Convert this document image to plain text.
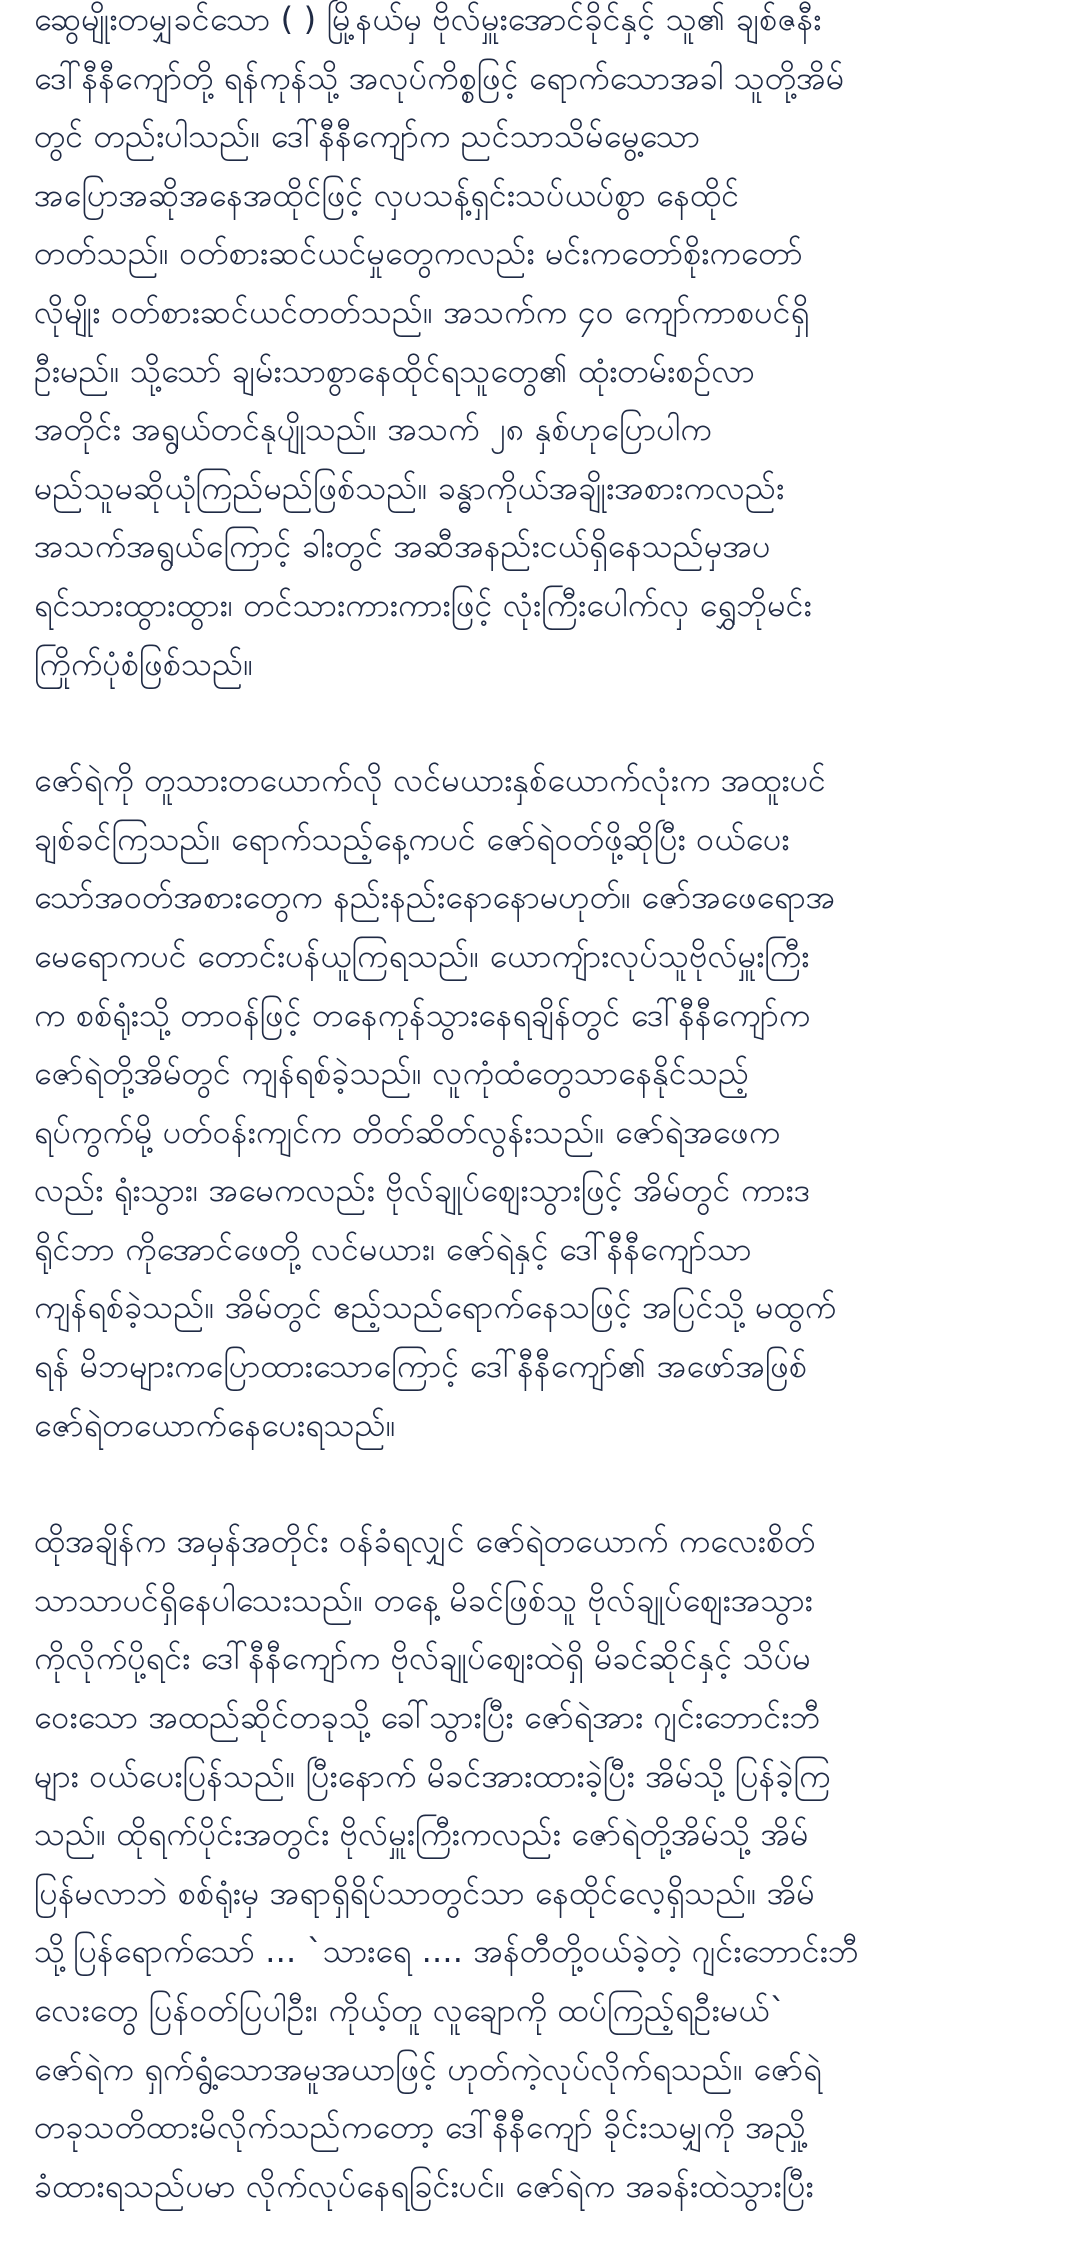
ဆွေမျိုးတမျှခင်သော ( ) မြို့နယ်မှ ဗိုလ်မှူးအောင်ခိုင်နှင့် သူ၏ ချစ်ဇနီး
ဒေါ်နီနီကျော်တို့ ရန်ကုန်သို့ အလုပ်ကိစ္စဖြင့် ရောက်သောအခါ သူတို့အိမ်
တွင် တည်းပါသည်။ ဒေါ်နီနီကျော်က ညင်သာသိမ်မွေ့သော
အပြောအဆိုအနေအထိုင်ဖြင့် လှပသန့်ရှင်းသပ်ယပ်စွာ နေထိုင်
တတ်သည်။ ဝတ်စားဆင်ယင်မှုတွေကလည်း မင်းကတော်စိုးကတော်
လိုမျိုး ဝတ်စားဆင်ယင်တတ်သည်။ အသက်က ၄၀ ကျော်ကာစပင်ရှိ
ဦးမည်။ သို့သော် ချမ်းသာစွာနေထိုင်ရသူတွေ၏ ထုံးတမ်းစဉ်လာ
အတိုင်း အရွယ်တင်နုပျိုသည်။ အသက် ၂၈ နှစ်ဟုပြောပါက
မည်သူမဆိုယုံကြည်မည်ဖြစ်သည်။ ခန္ဓာကိုယ်အချိုးအစားကလည်း
အသက်အရွယ်ကြောင့် ခါးတွင် အဆီအနည်းငယ်ရှိနေသည်မှအပ
ရင်သားထွားထွား၊ တင်သားကားကားဖြင့် လုံးကြီးပေါက်လှ ရွှေဘိုမင်း
ကြိုက်ပုံစံဖြစ်သည်။

ဇော်ရဲကို တူသားတယောက်လို လင်မယားနှစ်ယောက်လုံးက အထူးပင်
ချစ်ခင်ကြသည်။ ရောက်သည့်နေ့ကပင် ဇော်ရဲဝတ်ဖို့ဆိုပြီး ဝယ်ပေး
သော်အဝတ်အစားတွေက နည်းနည်းနောနောမဟုတ်။ ဇော်အဖေရောအ
မေရောကပင် တောင်းပန်ယူကြရသည်။ ယောကျ်ားလုပ်သူဗိုလ်မှူးကြီး
က စစ်ရုံးသို့ တာဝန်ဖြင့် တနေကုန်သွားနေရချိန်တွင် ဒေါ်နီနီကျော်က
ဇော်ရဲတို့အိမ်တွင် ကျန်ရစ်ခဲ့သည်။ လူကုံထံတွေသာနေနိုင်သည့်
ရပ်ကွက်မို့ ပတ်ဝန်းကျင်က တိတ်ဆိတ်လွန်းသည်။ ဇော်ရဲအဖေက
လည်း ရုံးသွား၊ အမေကလည်း ဗိုလ်ချုပ်ဈေးသွားဖြင့် အိမ်တွင် ကားဒ
ရိုင်ဘာ ကိုအောင်ဖေတို့ လင်မယား၊ ဇော်ရဲနှင့် ဒေါ်နီနီကျော်သာ
ကျန်ရစ်ခဲ့သည်။ အိမ်တွင် ဧည့်သည်ရောက်နေသဖြင့် အပြင်သို့ မထွက်
ရန် မိဘများကပြောထားသောကြောင့် ဒေါ်နီနီကျော်၏ အဖော်အဖြစ်
ဇော်ရဲတယောက်နေပေးရသည်။

ထိုအချိန်က အမှန်အတိုင်း ဝန်ခံရလျှင် ဇော်ရဲတယောက် ကလေးစိတ်
သာသာပင်ရှိနေပါသေးသည်။ တနေ့ မိခင်ဖြစ်သူ ဗိုလ်ချုပ်ဈေးအသွား
ကိုလိုက်ပို့ရင်း ဒေါ်နီနီကျော်က ဗိုလ်ချုပ်ဈေးထဲရှိ မိခင်ဆိုင်နှင့် သိပ်မ
ဝေးသော အထည်ဆိုင်တခုသို့ ခေါ်သွားပြီး ဇော်ရဲအား ဂျင်းဘောင်းဘီ
များ ဝယ်ပေးပြန်သည်။ ပြီးနောက် မိခင်အားထားခဲ့ပြီး အိမ်သို့ ပြန်ခဲ့ကြ
သည်။ ထိုရက်ပိုင်းအတွင်း ဗိုလ်မှူးကြီးကလည်း ဇော်ရဲတို့အိမ်သို့ အိမ်
ပြန်မလာဘဲ စစ်ရုံးမှ အရာရှိရိပ်သာတွင်သာ နေထိုင်လေ့ရှိသည်။ အိမ်
သို့ပြန်ရောက်သော် ... `သားရေ .... အန်တီတို့ဝယ်ခဲ့တဲ့ ဂျင်းဘောင်းဘီ
လေးတွေ ပြန်ဝတ်ပြပါဦး၊ ကိုယ့်တူ လူချောကို ထပ်ကြည့်ရဦးမယ်`
ဇော်ရဲက ရှက်ရွံ့သောအမူအယာဖြင့် ဟုတ်ကဲ့လုပ်လိုက်ရသည်။ ဇော်ရဲ
တခုသတိထားမိလိုက်သည်ကတော့ ဒေါ်နီနီကျော် ခိုင်းသမျှကို အညှို့
ခံထားရသည်ပမာ လိုက်လုပ်နေရခြင်းပင်။ ဇော်ရဲက အခန်းထဲသွားပြီး
